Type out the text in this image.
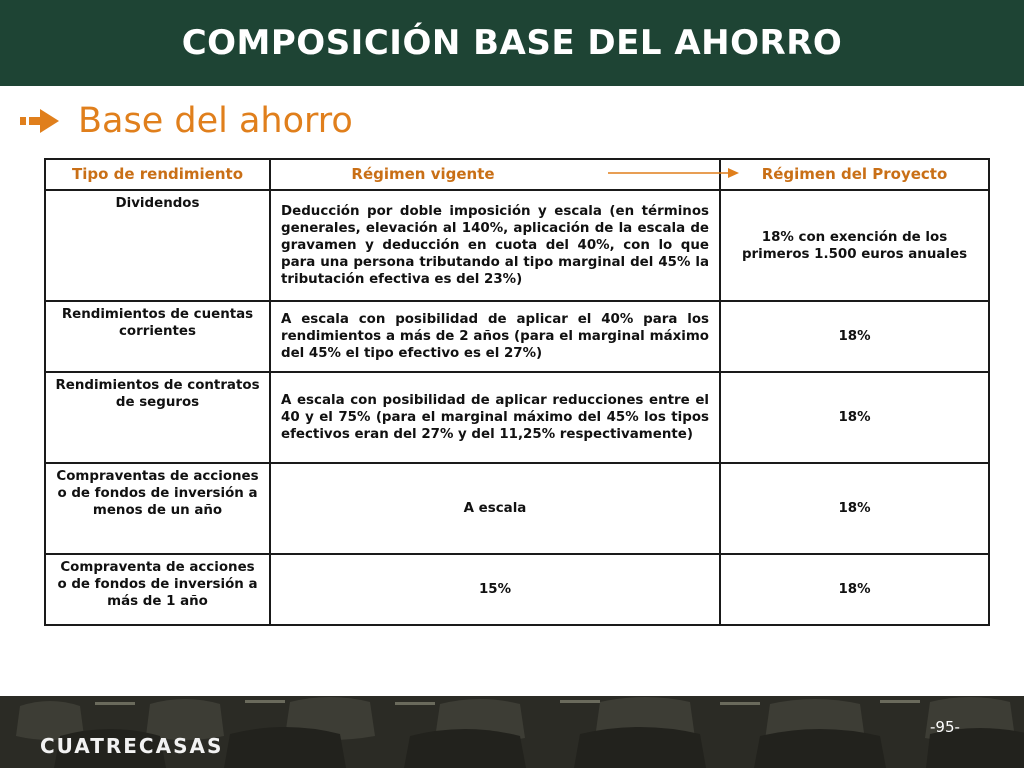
COMPOSICIÓN BASE DEL AHORRO
Base del ahorro
Tipo de rendimiento	Régimen vigente	Régimen del Proyecto
Dividendos	Deducción por doble imposición y escala (en términos generales, elevación al 140%, aplicación de la escala de gravamen y deducción en cuota del 40%, con lo que para una persona tributando al tipo marginal del 45% la tributación efectiva es del 23%)	18% con exención de los primeros 1.500 euros anuales
Rendimientos de cuentas corrientes	A escala con posibilidad de aplicar el 40% para los rendimientos a más de 2 años (para el marginal máximo del 45% el tipo efectivo es el 27%)	18%
Rendimientos de contratos de seguros	A escala con posibilidad de aplicar reducciones entre el 40 y el 75% (para el marginal máximo del 45% los tipos efectivos eran del 27% y del 11,25% respectivamente)	18%
Compraventas de acciones o de fondos de inversión a menos de un año	A escala	18%
Compraventa de acciones o de fondos de inversión a más de 1 año	15%	18%
CUATRECASAS
-95-
